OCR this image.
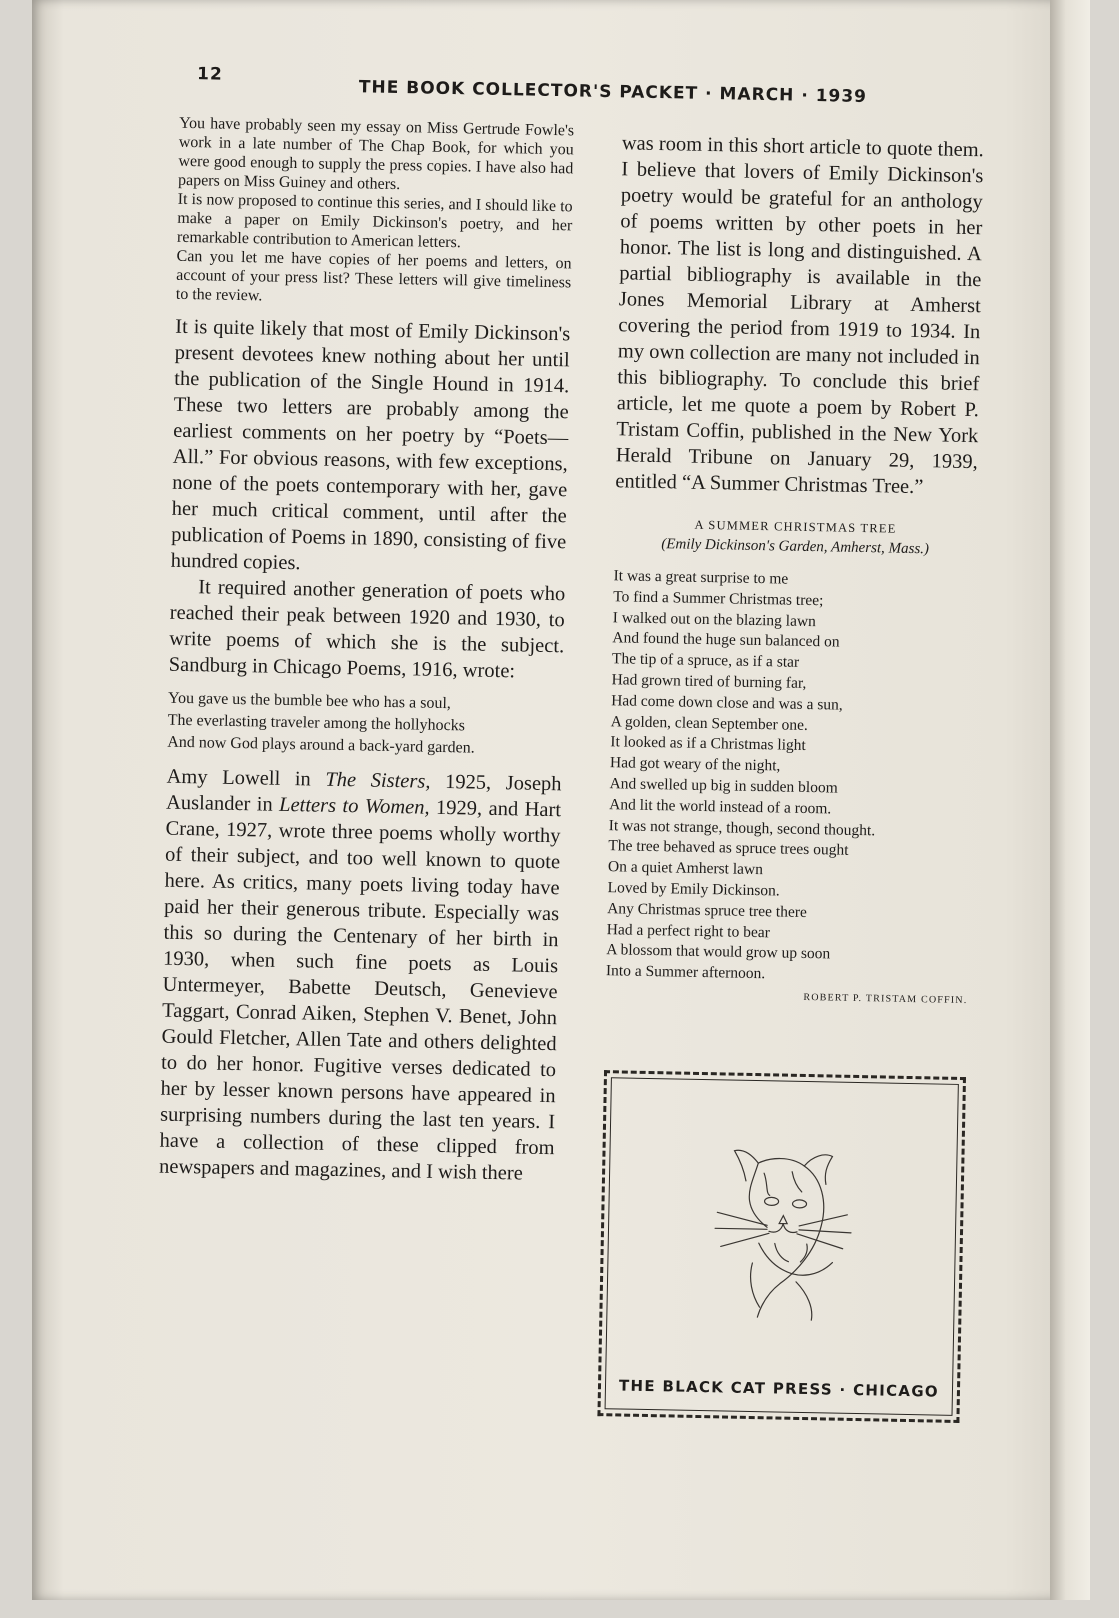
12
THE BOOK COLLECTOR'S PACKET · MARCH · 1939

You have probably seen my essay on Miss Gertrude Fowle's work in a late number of The Chap Book, for which you were good enough to supply the press copies. I have also had papers on Miss Guiney and others.

It is now proposed to continue this series, and I should like to make a paper on Emily Dickinson's poetry, and her remarkable contribution to American letters.

Can you let me have copies of her poems and letters, on account of your press list? These letters will give timeliness to the review.

It is quite likely that most of Emily Dickinson's present devotees knew nothing about her until the publication of the Single Hound in 1914. These two letters are probably among the earliest comments on her poetry by “Poets—All.” For obvious reasons, with few exceptions, none of the poets contemporary with her, gave her much critical comment, until after the publication of Poems in 1890, consisting of five hundred copies.

It required another generation of poets who reached their peak between 1920 and 1930, to write poems of which she is the subject. Sandburg in Chicago Poems, 1916, wrote:

You gave us the bumble bee who has a soul,

The everlasting traveler among the hollyhocks

And now God plays around a back-yard garden.

Amy Lowell in The Sisters, 1925, Joseph Auslander in Letters to Women, 1929, and Hart Crane, 1927, wrote three poems wholly worthy of their subject, and too well known to quote here. As critics, many poets living today have paid her their generous tribute. Especially was this so during the Centenary of her birth in 1930, when such fine poets as Louis Untermeyer, Babette Deutsch, Genevieve Taggart, Conrad Aiken, Stephen V. Benet, John Gould Fletcher, Allen Tate and others delighted to do her honor. Fugitive verses dedicated to her by lesser known persons have appeared in surprising numbers during the last ten years. I have a collection of these clipped from newspapers and magazines, and I wish there

was room in this short article to quote them. I believe that lovers of Emily Dickinson's poetry would be grateful for an anthology of poems written by other poets in her honor. The list is long and distinguished. A partial bibliography is available in the Jones Memorial Library at Amherst covering the period from 1919 to 1934. In my own collection are many not included in this bibliography. To conclude this brief article, let me quote a poem by Robert P. Tristam Coffin, published in the New York Herald Tribune on January 29, 1939, entitled “A Summer Christmas Tree.”

A SUMMER CHRISTMAS TREE

(Emily Dickinson's Garden, Amherst, Mass.)

It was a great surprise to me

To find a Summer Christmas tree;

I walked out on the blazing lawn

And found the huge sun balanced on

The tip of a spruce, as if a star

Had grown tired of burning far,

Had come down close and was a sun,

A golden, clean September one.

It looked as if a Christmas light

Had got weary of the night,

And swelled up big in sudden bloom

And lit the world instead of a room.

It was not strange, though, second thought.

The tree behaved as spruce trees ought

On a quiet Amherst lawn

Loved by Emily Dickinson.

Any Christmas spruce tree there

Had a perfect right to bear

A blossom that would grow up soon

Into a Summer afternoon.

ROBERT P. TRISTAM COFFIN.

THE BLACK CAT PRESS · CHICAGO
